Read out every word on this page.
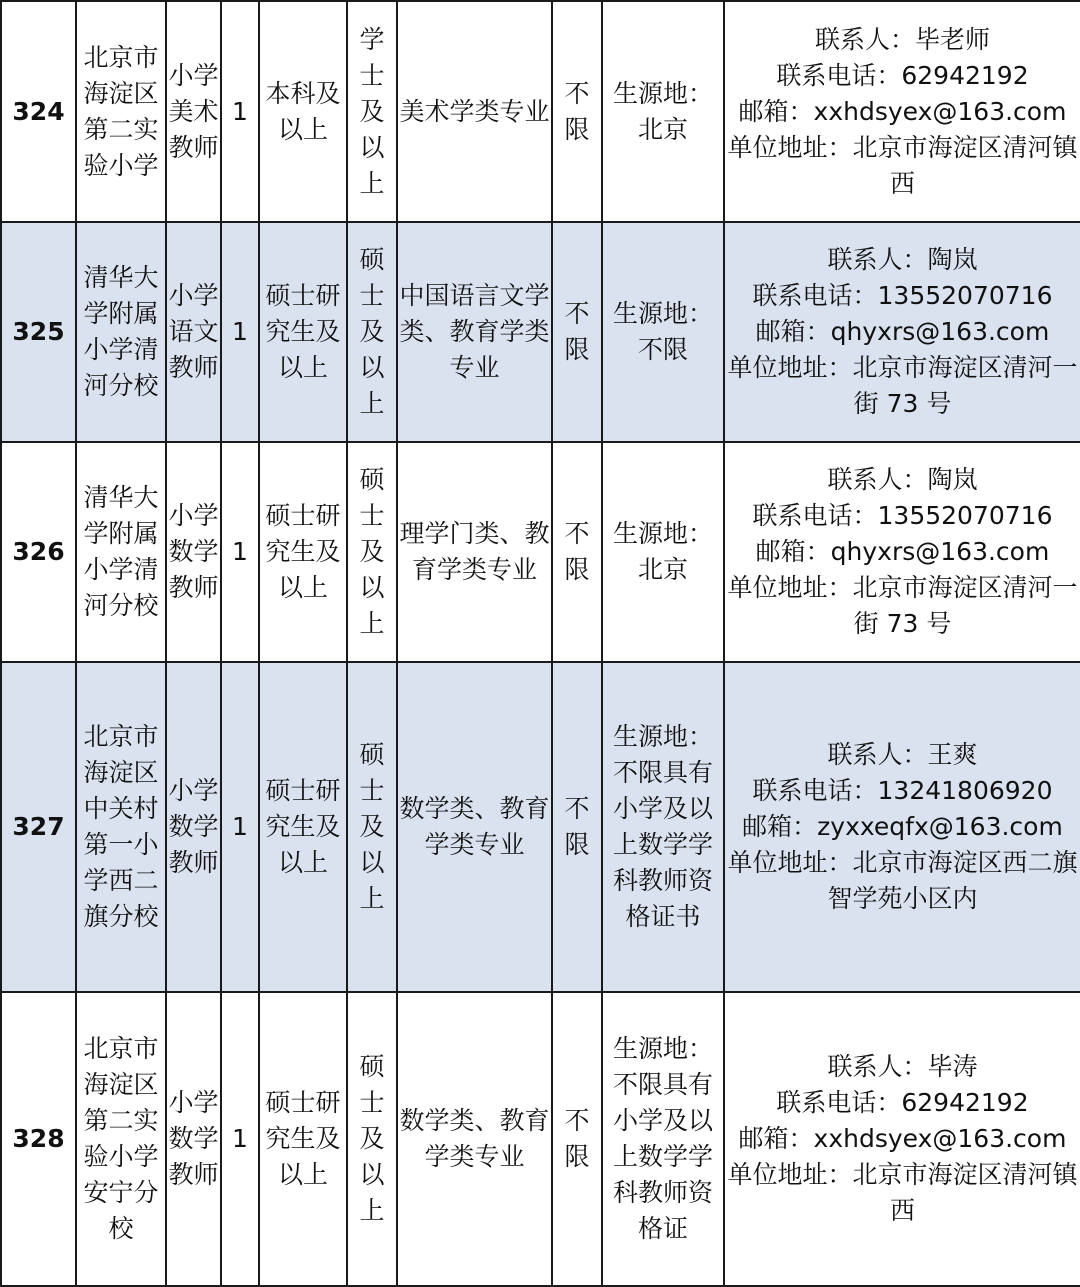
324	北京市海淀区第二实验小学	小学美术教师	1	本科及以上	学士及以上	美术学类专业	不限	生源地：北京	联系人：毕老师
联系电话：62942192
邮箱：xxhdsyex@163.com
单位地址：北京市海淀区清河镇西

325	清华大学附属小学清河分校	小学语文教师	1	硕士研究生及以上	硕士及以上	中国语言文学类、教育学类专业	不限	生源地：不限	联系人：陶岚
联系电话：13552070716
邮箱：qhyxrs@163.com
单位地址：北京市海淀区清河一街 73 号

326	清华大学附属小学清河分校	小学数学教师	1	硕士研究生及以上	硕士及以上	理学门类、教育学类专业	不限	生源地：北京	联系人：陶岚
联系电话：13552070716
邮箱：qhyxrs@163.com
单位地址：北京市海淀区清河一街 73 号

327	北京市海淀区中关村第一小学西二旗分校	小学数学教师	1	硕士研究生及以上	硕士及以上	数学类、教育学类专业	不限	生源地：不限具有小学及以上数学学科教师资格证书	联系人：王爽
联系电话：13241806920
邮箱：zyxxeqfx@163.com
单位地址：北京市海淀区西二旗智学苑小区内

328	北京市海淀区第二实验小学安宁分校	小学数学教师	1	硕士研究生及以上	硕士及以上	数学类、教育学类专业	不限	生源地：不限具有小学及以上数学学科教师资格证	联系人：毕涛
联系电话：62942192
邮箱：xxhdsyex@163.com
单位地址：北京市海淀区清河镇西
